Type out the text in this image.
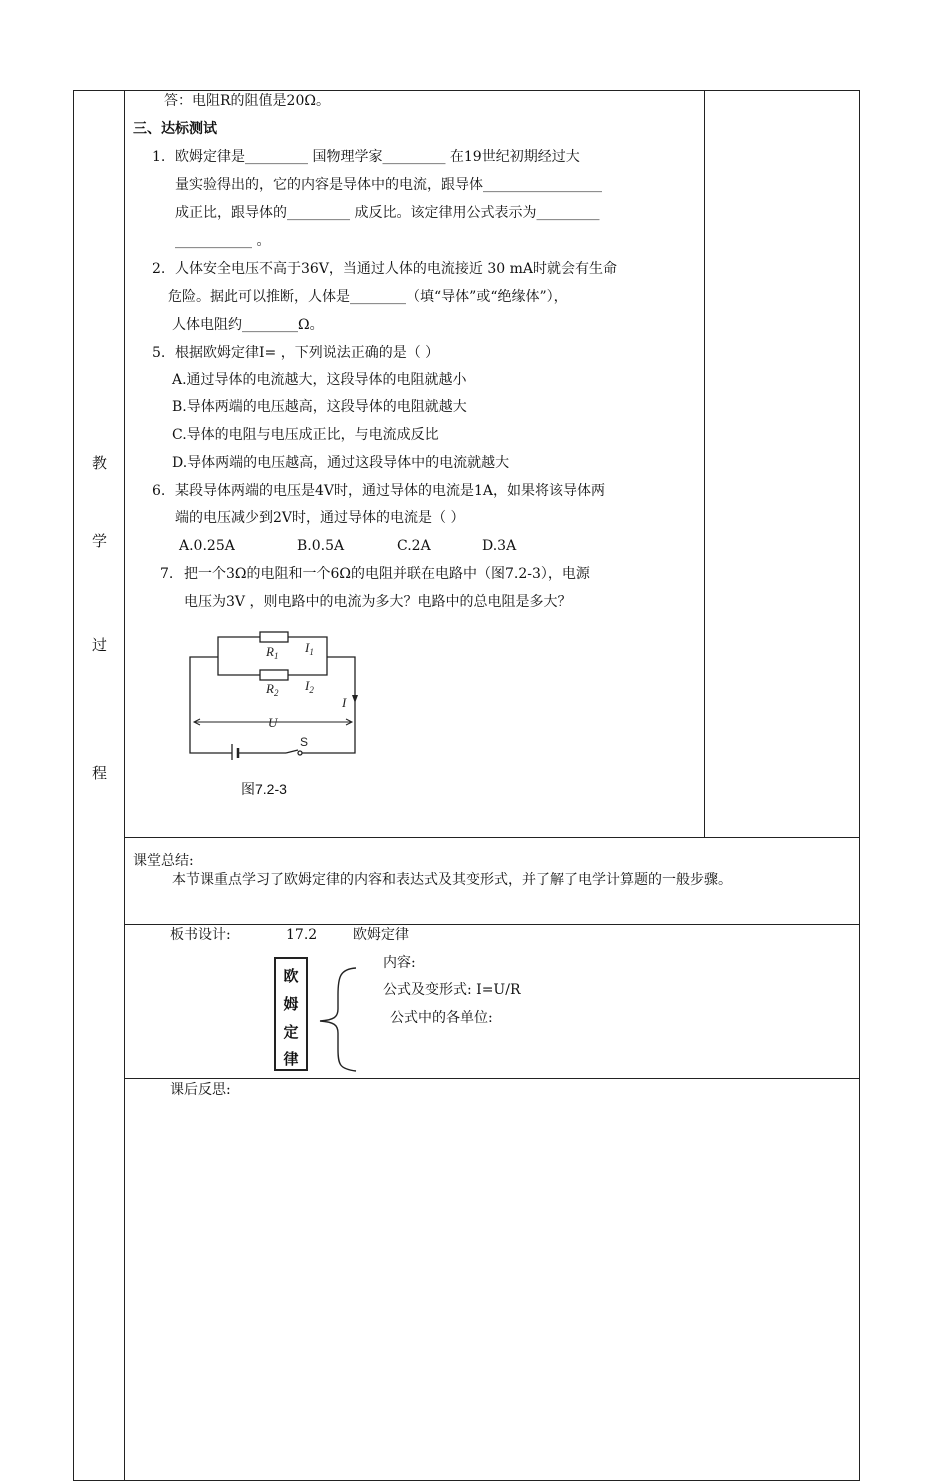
教
学
过
程
答：电阻R的阻值是20Ω。
三、达标测试
1. 欧姆定律是_________ 国物理学家_________ 在19世纪初期经过大
量实验得出的，它的内容是导体中的电流，跟导体_________________
成正比，跟导体的_________ 成反比。该定律用公式表示为_________
___________ 。
2. 人体安全电压不高于36V，当通过人体的电流接近 30 mA时就会有生命
危险。据此可以推断，人体是________（填“导体”或“绝缘体”），
人体电阻约________Ω。
5. 根据欧姆定律I= ，下列说法正确的是（ ）
A.通过导体的电流越大，这段导体的电阻就越小
B.导体两端的电压越高，这段导体的电阻就越大
C.导体的电阻与电压成正比，与电流成反比
D.导体两端的电压越高，通过这段导体中的电流就越大
6. 某段导体两端的电压是4V时，通过导体的电流是1A，如果将该导体两
端的电压减少到2V时，通过导体的电流是（ ）
A.0.25A	B.0.5A	C.2A	D.3A
7. 把一个3Ω的电阻和一个6Ω的电阻并联在电路中（图7.2-3），电源
电压为3V ，则电路中的电流为多大？电路中的总电阻是多大？
$R_1$
$I_1$
$R_2$ $I_2$
I
U
S
图7.2-3
课堂总结:
本节课重点学习了欧姆定律的内容和表达式及其变形式，并了解了电学计算题的一般步骤。
板书设计:	17.2	欧姆定律
欧
姆
定
律
内容:
公式及变形式: I=U/R
公式中的各单位:
课后反思:
